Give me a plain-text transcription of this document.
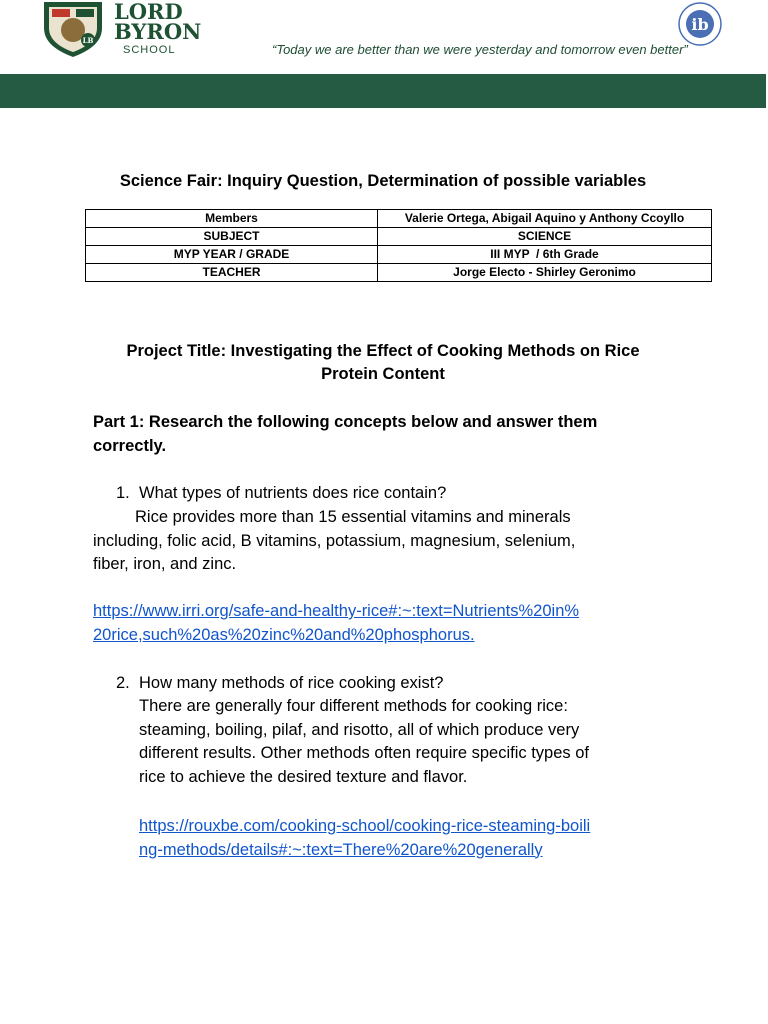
LB
LORD
BYRON
SCHOOL	“Today we are better than we were yesterday and tomorrow even better”
ib
Science Fair: Inquiry Question, Determination of possible variables
Members	Valerie Ortega, Abigail Aquino y Anthony Ccoyllo
SUBJECT	SCIENCE
MYP YEAR / GRADE	III MYP  / 6th Grade
TEACHER	Jorge Electo - Shirley Geronimo
Project Title: Investigating the Effect of Cooking Methods on Rice
Protein Content
Part 1: Research the following concepts below and answer them
correctly.
1. What types of nutrients does rice contain?
Rice provides more than 15 essential vitamins and minerals
including, folic acid, B vitamins, potassium, magnesium, selenium,
fiber, iron, and zinc.
https://www.irri.org/safe-and-healthy-rice#:~:text=Nutrients%20in%
20rice,such%20as%20zinc%20and%20phosphorus.
2. How many methods of rice cooking exist?
There are generally four different methods for cooking rice:
steaming, boiling, pilaf, and risotto, all of which produce very
different results. Other methods often require specific types of
rice to achieve the desired texture and flavor.
https://rouxbe.com/cooking-school/cooking-rice-steaming-boili
ng-methods/details#:~:text=There%20are%20generally
